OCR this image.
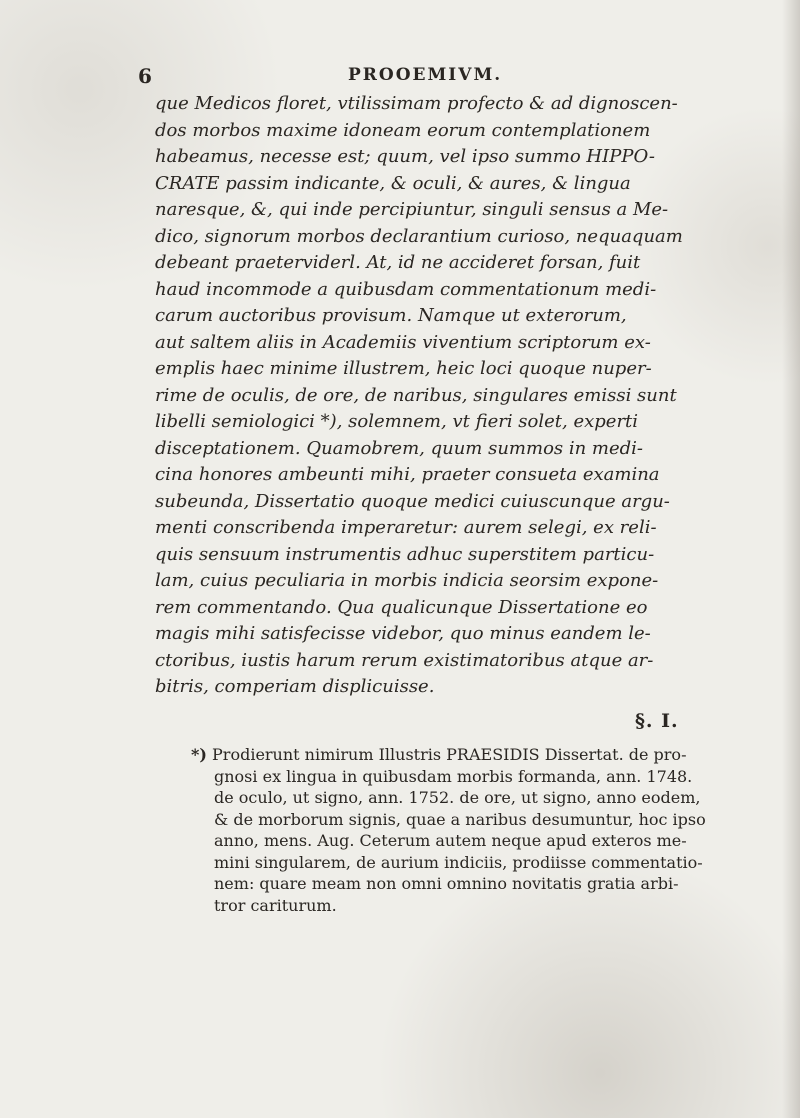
6	PROOEMIVM.
que Medicos floret, vtilissimam profecto & ad dignoscen-
dos morbos maxime idoneam eorum contemplationem
habeamus, necesse est; quum, vel ipso summo HIPPO-
CRATE passim indicante, & oculi, & aures, & lingua
naresque, &, qui inde percipiuntur, singuli sensus a Me-
dico, signorum morbos declarantium curioso, nequaquam
debeant praeterviderl. At, id ne accideret forsan, fuit
haud incommode a quibusdam commentationum medi-
carum auctoribus provisum. Namque ut exterorum,
aut saltem aliis in Academiis viventium scriptorum ex-
emplis haec minime illustrem, heic loci quoque nuper-
rime de oculis, de ore, de naribus, singulares emissi sunt
libelli semiologici *), solemnem, vt fieri solet, experti
disceptationem. Quamobrem, quum summos in medi-
cina honores ambeunti mihi, praeter consueta examina
subeunda, Dissertatio quoque medici cuiuscunque argu-
menti conscribenda imperaretur: aurem selegi, ex reli-
quis sensuum instrumentis adhuc superstitem particu-
lam, cuius peculiaria in morbis indicia seorsim expone-
rem commentando. Qua qualicunque Dissertatione eo
magis mihi satisfecisse videbor, quo minus eandem le-
ctoribus, iustis harum rerum existimatoribus atque ar-
bitris, comperiam displicuisse.
§. I.
*) Prodierunt nimirum Illustris PRAESIDIS Dissertat. de pro-
gnosi ex lingua in quibusdam morbis formanda, ann. 1748.
de oculo, ut signo, ann. 1752. de ore, ut signo, anno eodem,
& de morborum signis, quae a naribus desumuntur, hoc ipso
anno, mens. Aug. Ceterum autem neque apud exteros me-
mini singularem, de aurium indiciis, prodiisse commentatio-
nem: quare meam non omni omnino novitatis gratia arbi-
tror cariturum.
